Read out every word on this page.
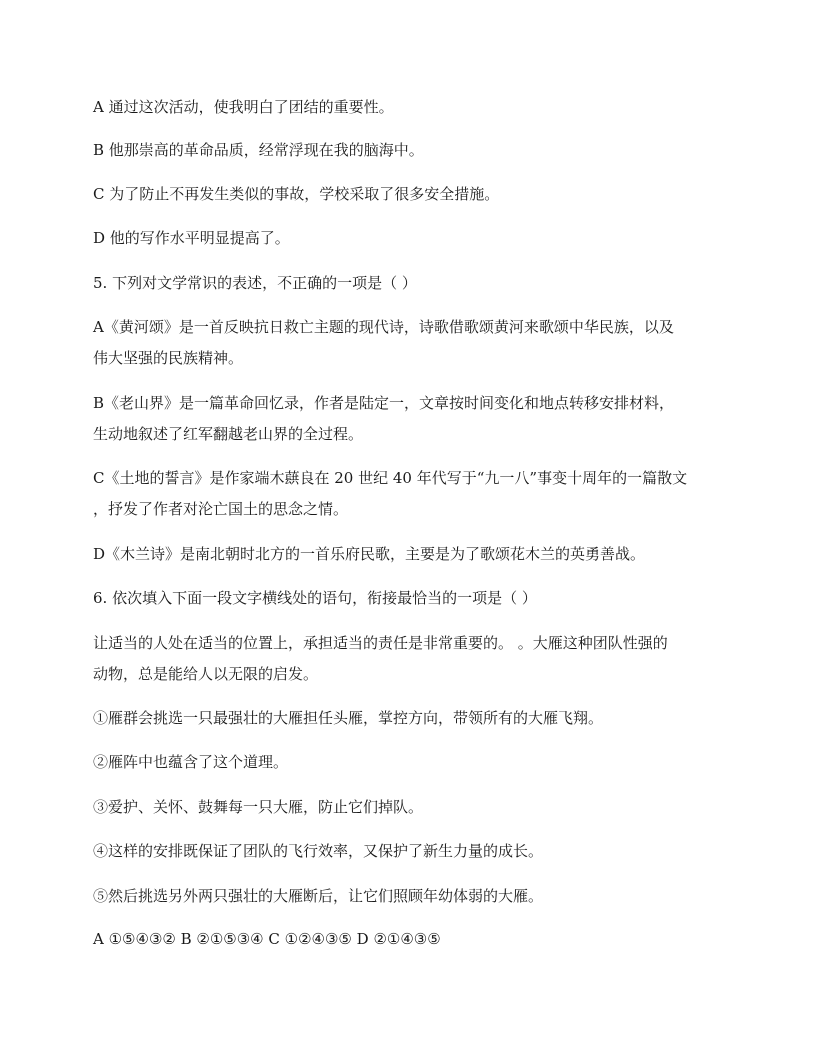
A 通过这次活动，使我明白了团结的重要性。
B 他那崇高的革命品质，经常浮现在我的脑海中。
C 为了防止不再发生类似的事故，学校采取了很多安全措施。
D 他的写作水平明显提高了。
5. 下列对文学常识的表述，不正确的一项是（ ）
A《黄河颂》是一首反映抗日救亡主题的现代诗，诗歌借歌颂黄河来歌颂中华民族，以及
伟大坚强的民族精神。
B《老山界》是一篇革命回忆录，作者是陆定一，文章按时间变化和地点转移安排材料，
生动地叙述了红军翻越老山界的全过程。
C《土地的誓言》是作家端木蕻良在 20 世纪 40 年代写于“九一八”事变十周年的一篇散文
，抒发了作者对沦亡国土的思念之情。
D《木兰诗》是南北朝时北方的一首乐府民歌，主要是为了歌颂花木兰的英勇善战。
6. 依次填入下面一段文字横线处的语句，衔接最恰当的一项是（ ）
让适当的人处在适当的位置上，承担适当的责任是非常重要的。 。大雁这种团队性强的
动物，总是能给人以无限的启发。
①雁群会挑选一只最强壮的大雁担任头雁，掌控方向，带领所有的大雁飞翔。
②雁阵中也蕴含了这个道理。
③爱护、关怀、鼓舞每一只大雁，防止它们掉队。
④这样的安排既保证了团队的飞行效率，又保护了新生力量的成长。
⑤然后挑选另外两只强壮的大雁断后，让它们照顾年幼体弱的大雁。
A ①⑤④③② B ②①⑤③④ C ①②④③⑤ D ②①④③⑤
